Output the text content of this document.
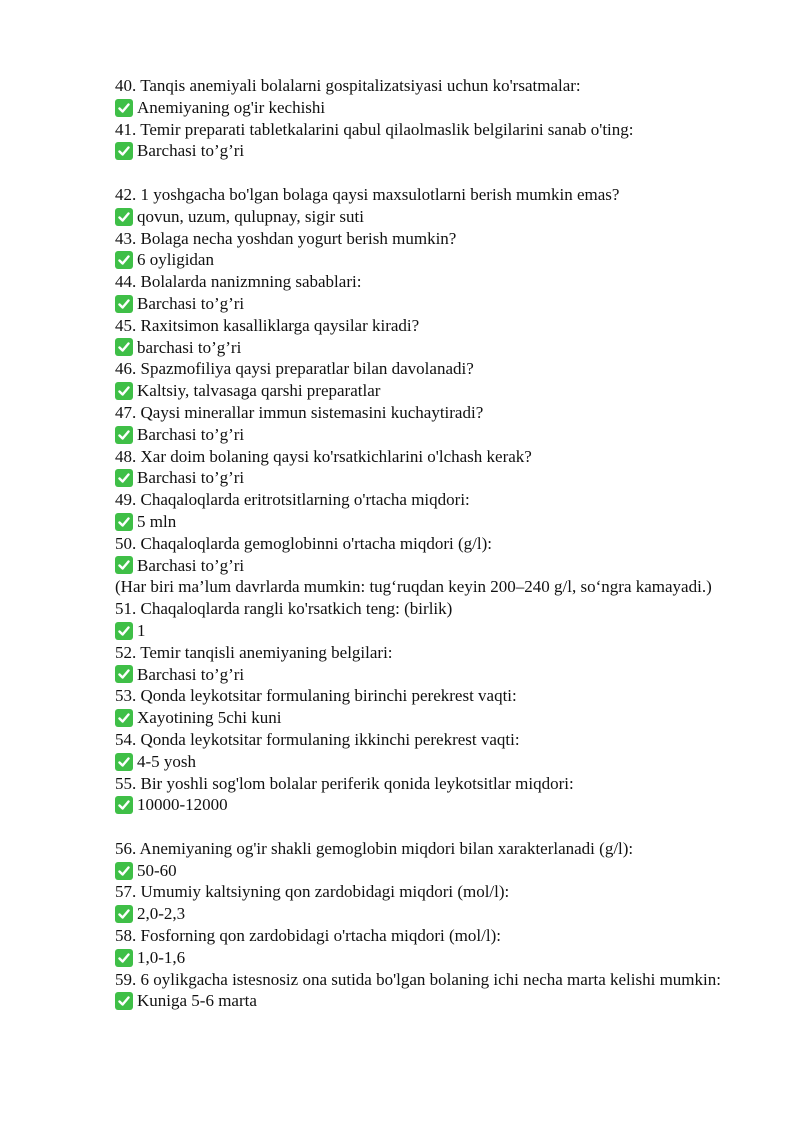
40. Tanqis anemiyali bolalarni gospitalizatsiyasi uchun ko'rsatmalar:
Anemiyaning og'ir kechishi
41. Temir preparati tabletkalarini qabul qilaolmaslik belgilarini sanab o'ting:
Barchasi to’g’ri
42. 1 yoshgacha bo'lgan bolaga qaysi maxsulotlarni berish mumkin emas?
qovun, uzum, qulupnay, sigir suti
43. Bolaga necha yoshdan yogurt berish mumkin?
6 oyligidan
44. Bolalarda nanizmning sabablari:
Barchasi to’g’ri
45. Raxitsimon kasalliklarga qaysilar kiradi?
barchasi to’g’ri
46. Spazmofiliya qaysi preparatlar bilan davolanadi?
Kaltsiy, talvasaga qarshi preparatlar
47. Qaysi minerallar immun sistemasini kuchaytiradi?
Barchasi to’g’ri
48. Xar doim bolaning qaysi ko'rsatkichlarini o'lchash kerak?
Barchasi to’g’ri
49. Chaqaloqlarda eritrotsitlarning o'rtacha miqdori:
5 mln
50. Chaqaloqlarda gemoglobinni o'rtacha miqdori (g/l):
Barchasi to’g’ri
(Har biri ma’lum davrlarda mumkin: tug‘ruqdan keyin 200–240 g/l, so‘ngra kamayadi.)
51. Chaqaloqlarda rangli ko'rsatkich teng: (birlik)
1
52. Temir tanqisli anemiyaning belgilari:
Barchasi to’g’ri
53. Qonda leykotsitar formulaning birinchi perekrest vaqti:
Xayotining 5chi kuni
54. Qonda leykotsitar formulaning ikkinchi perekrest vaqti:
4-5 yosh
55. Bir yoshli sog'lom bolalar periferik qonida leykotsitlar miqdori:
10000-12000
56. Anemiyaning og'ir shakli gemoglobin miqdori bilan xarakterlanadi (g/l):
50-60
57. Umumiy kaltsiyning qon zardobidagi miqdori (mol/l):
2,0-2,3
58. Fosforning qon zardobidagi o'rtacha miqdori (mol/l):
1,0-1,6
59. 6 oylikgacha istesnosiz ona sutida bo'lgan bolaning ichi necha marta kelishi mumkin:
Kuniga 5-6 marta
